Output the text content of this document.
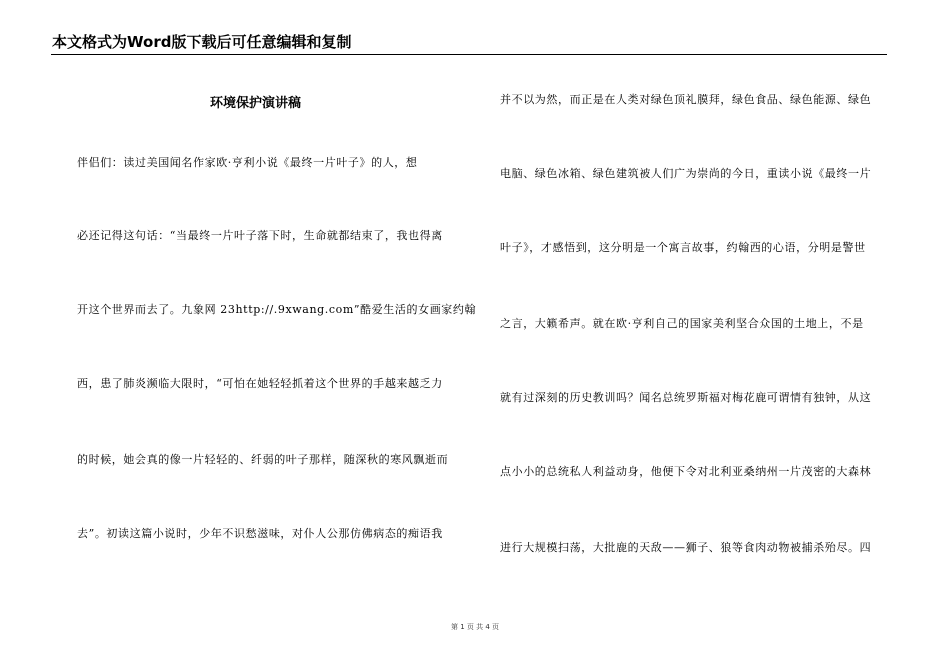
本文格式为Word版下载后可任意编辑和复制
环境保护演讲稿
伴侣们：读过美国闻名作家欧·亨利小说《最终一片叶子》的人，想
必还记得这句话：“当最终一片叶子落下时，生命就都结束了，我也得离
开这个世界而去了。九象网 23http://.9xwang.com”酷爱生活的女画家约翰
西，患了肺炎濒临大限时，“可怕在她轻轻抓着这个世界的手越来越乏力
的时候，她会真的像一片轻轻的、纤弱的叶子那样，随深秋的寒风飘逝而
去”。初读这篇小说时，少年不识愁滋味，对仆人公那仿佛病态的痴语我
并不以为然，而正是在人类对绿色顶礼膜拜，绿色食品、绿色能源、绿色
电脑、绿色冰箱、绿色建筑被人们广为崇尚的今日，重读小说《最终一片
叶子》，才感悟到，这分明是一个寓言故事，约翰西的心语，分明是警世
之言，大籁希声。就在欧·亨利自己的国家美利坚合众国的土地上，不是
就有过深刻的历史教训吗？闻名总统罗斯福对梅花鹿可谓情有独钟，从这
点小小的总统私人利益动身，他便下令对北利亚桑纳州一片茂密的大森林
进行大规模扫荡，大批鹿的天敌——狮子、狼等食肉动物被捕杀殆尽。四
第 1 页 共 4 页
